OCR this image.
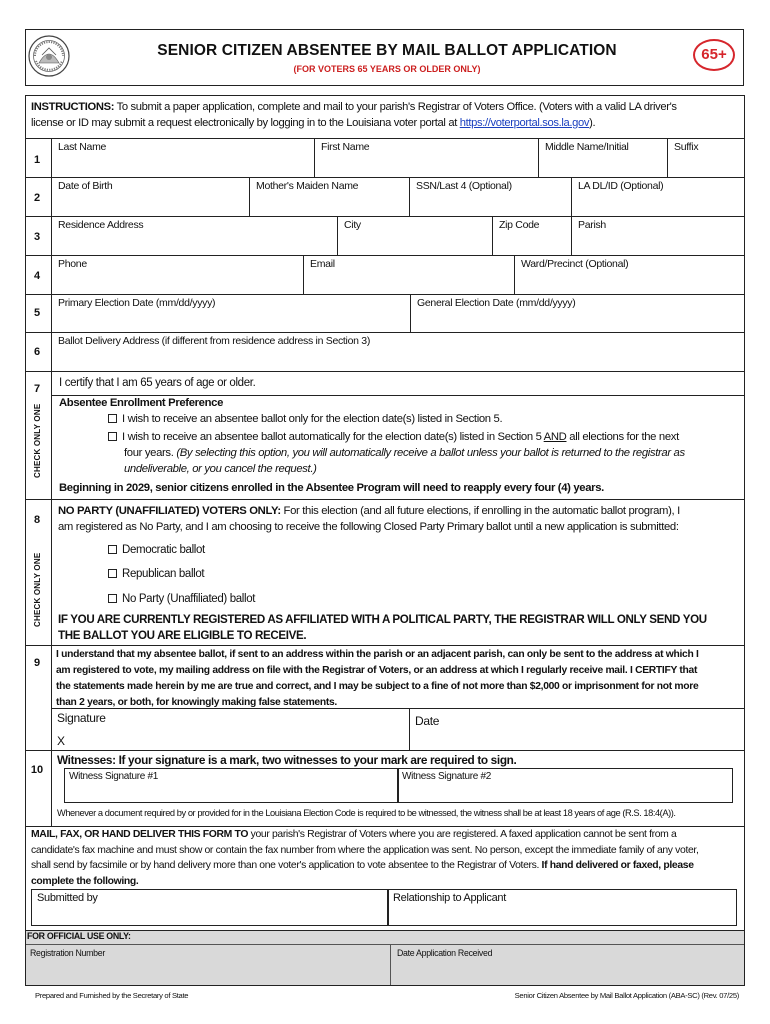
SENIOR CITIZEN ABSENTEE BY MAIL BALLOT APPLICATION
(FOR VOTERS 65 YEARS OR OLDER ONLY)
65+
INSTRUCTIONS: To submit a paper application, complete and mail to your parish's Registrar of Voters Office. (Voters with a valid LA driver's
license or ID may submit a request electronically by logging in to the Louisiana voter portal at https://voterportal.sos.la.gov).
1
Last Name	First Name	Middle Name/Initial	Suffix
2
Date of Birth	Mother's Maiden Name	SSN/Last 4 (Optional)	LA DL/ID (Optional)
3
Residence Address	City	Zip Code	Parish
4
Phone	Email	Ward/Precinct (Optional)
5
Primary Election Date (mm/dd/yyyy)	General Election Date (mm/dd/yyyy)
6
Ballot Delivery Address (if different from residence address in Section 3)
7
CHECK ONLY ONE
I certify that I am 65 years of age or older.
Absentee Enrollment Preference
I wish to receive an absentee ballot only for the election date(s) listed in Section 5.
I wish to receive an absentee ballot automatically for the election date(s) listed in Section 5 AND all elections for the next
four years. (By selecting this option, you will automatically receive a ballot unless your ballot is returned to the registrar as
undeliverable, or you cancel the request.)
Beginning in 2029, senior citizens enrolled in the Absentee Program will need to reapply every four (4) years.
8
CHECK ONLY ONE
NO PARTY (UNAFFILIATED) VOTERS ONLY: For this election (and all future elections, if enrolling in the automatic ballot program), I
am registered as No Party, and I am choosing to receive the following Closed Party Primary ballot until a new application is submitted:
Democratic ballot
Republican ballot
No Party (Unaffiliated) ballot
IF YOU ARE CURRENTLY REGISTERED AS AFFILIATED WITH A POLITICAL PARTY, THE REGISTRAR WILL ONLY SEND YOU
THE BALLOT YOU ARE ELIGIBLE TO RECEIVE.
9
I understand that my absentee ballot, if sent to an address within the parish or an adjacent parish, can only be sent to the address at which I
am registered to vote, my mailing address on file with the Registrar of Voters, or an address at which I regularly receive mail. I CERTIFY that
the statements made herein by me are true and correct, and I may be subject to a fine of not more than $2,000 or imprisonment for not more
than 2 years, or both, for knowingly making false statements.
Signature
X
Date
10
Witnesses: If your signature is a mark, two witnesses to your mark are required to sign.
Witness Signature #1	Witness Signature #2
Whenever a document required by or provided for in the Louisiana Election Code is required to be witnessed, the witness shall be at least 18 years of age (R.S. 18:4(A)).
MAIL, FAX, OR HAND DELIVER THIS FORM TO your parish's Registrar of Voters where you are registered. A faxed application cannot be sent from a
candidate's fax machine and must show or contain the fax number from where the application was sent. No person, except the immediate family of any voter,
shall send by facsimile or by hand delivery more than one voter's application to vote absentee to the Registrar of Voters. If hand delivered or faxed, please
complete the following.
Submitted by	Relationship to Applicant
FOR OFFICIAL USE ONLY:
Registration Number	Date Application Received
Prepared and Furnished by the Secretary of State	Senior Citizen Absentee by Mail Ballot Application (ABA-SC) (Rev. 07/25)
